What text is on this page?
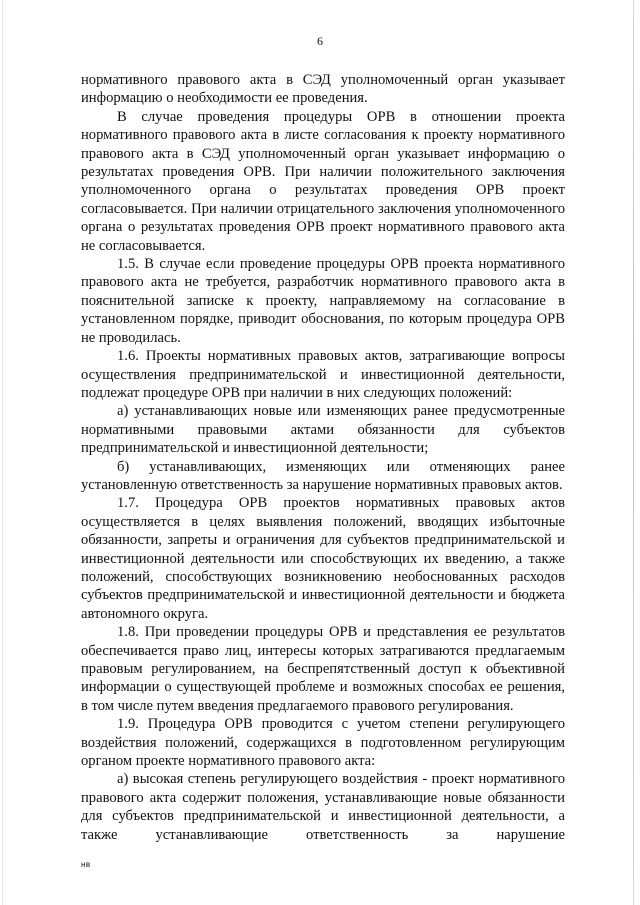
6

нормативного правового акта в СЭД уполномоченный орган указывает информацию о необходимости ее проведения.

В случае проведения процедуры ОРВ в отношении проекта нормативного правового акта в листе согласования к проекту нормативного правового акта в СЭД уполномоченный орган указывает информацию о результатах проведения ОРВ. При наличии положительного заключения уполномоченного органа о результатах проведения ОРВ проект согласовывается. При наличии отрицательного заключения уполномоченного органа о результатах проведения ОРВ проект нормативного правового акта не согласовывается.

1.5. В случае если проведение процедуры ОРВ проекта нормативного правового акта не требуется, разработчик нормативного правового акта в пояснительной записке к проекту, направляемому на согласование в установленном порядке, приводит обоснования, по которым процедура ОРВ не проводилась.

1.6. Проекты нормативных правовых актов, затрагивающие вопросы осуществления предпринимательской и инвестиционной деятельности, подлежат процедуре ОРВ при наличии в них следующих положений:

а) устанавливающих новые или изменяющих ранее предусмотренные нормативными правовыми актами обязанности для субъектов предпринимательской и инвестиционной деятельности;

б) устанавливающих, изменяющих или отменяющих ранее установленную ответственность за нарушение нормативных правовых актов.

1.7. Процедура ОРВ проектов нормативных правовых актов осуществляется в целях выявления положений, вводящих избыточные обязанности, запреты и ограничения для субъектов предпринимательской и инвестиционной деятельности или способствующих их введению, а также положений, способствующих возникновению необоснованных расходов субъектов предпринимательской и инвестиционной деятельности и бюджета автономного округа.

1.8. При проведении процедуры ОРВ и представления ее результатов обеспечивается право лиц, интересы которых затрагиваются предлагаемым правовым регулированием, на беспрепятственный доступ к объективной информации о существующей проблеме и возможных способах ее решения, в том числе путем введения предлагаемого правового регулирования.

1.9. Процедура ОРВ проводится с учетом степени регулирующего воздействия положений, содержащихся в подготовленном регулирующим органом проекте нормативного правового акта:

а) высокая степень регулирующего воздействия - проект нормативного правового акта содержит положения, устанавливающие новые обязанности для субъектов предпринимательской и инвестиционной деятельности, а также устанавливающие ответственность за нарушение

нв
